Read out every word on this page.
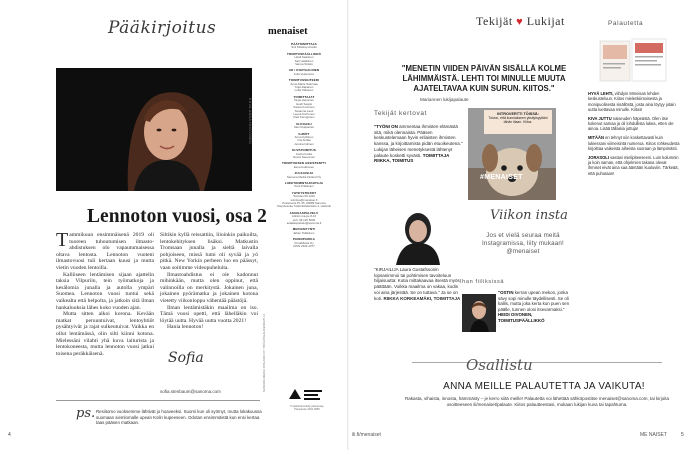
Pääkirjoitus
KUVA ANNA HUOVINEN
Lennoton vuosi, osa 2

Tammikuun ensimmäisenä 2019 oli tuoreen tuhoutumisen ilmasto-ahdistuksen olo vapautumaisessa oltava lentosta. Lennoton vuoteni ilmastovuosi tuli kertaan kuusi ja mutta vietin vuoden lentoilla.

Kalliiseen lentämisen sijaan ajattelin taksia Vilpuriin, tein työmatkoja ja kesälomia junalla ja autolla ympäri Suomea. Lennoton vuosi tuntui sekä vaikealta että helpolta, ja jatkoin sitä ilman hankaluuksia lähes koko vuoden ajan.

Mutta sitten alkoi korona. Kevään matkat peruuntuivat, lentoyhtiöt pysähtyivät ja rajat sulkeutuivat. Vaikka en ollut lentämässä, olin silti kiinni kotona. Mielessäni vilahti yhä kuva laiturista ja lentokoneesta, mutta lennoton vuosi jatkui toisena peräkkäisenä.

Siltikin kyllä reissattiin, liioinkin paikoilta, lentokehityksen lisäksi. Matkustin Tromsaan junalla ja sieltä laivalla pohjoiseen, missä lumi oli syvää ja yö pitkä. New Yorkin perheen luo en päässyt, vaan soitimme videopuheluita.

Ilmastoahdistus ei ole kadonnut mihinkään, mutta olen oppinut, että valinnoilla on merkitystä. Jokainen juna, jokainen pyörämatka ja jokainen kotona vietetty viikonloppu vähentää päästöjä.

Ilman lentämistäkin maailma on iso. Tämä vuosi opetti, että lähelläkin voi löytää uutta. Hyvää uutta vuotta 2021!

Hania lennoton!

Sofia
sofia.stenbaum@sanoma.com
ps. Resiitomo vuoksemme lähtivät jo hoaveeksi. Suomi kun oli syömyt, mutta lokakuussa suomaan siemlomalle upean Kolin kupeeseen. Odotan ensimmäistä kun ensi kertaa taas pääsen matkaan.
4
menaiset
PÄÄTOIMITTAJA
Sini Kiiskinen-Fantti
TOIMITUSPÄÄLLIKKÖ
Heidi Saarinen
Sari Heikkinen
Sanna Sinistö
AD / DIGITAALINEN
Julia Vesterinen
TOIMITUSSIHTEERI
Anne-Marie Salomaa
Tuija Rapanen
Lotta Tikkanen
TOIMITTAJAT
Tanja Helminen
Heidi Seppä
Sanna Koivunen
Susanna Lauri
Leena Korhonen
Pasi Kemppinen
ULKOASU
Sami Kaipainen
ILMIÖT
Anna Kyllönen
Iiris Anttila
Jemina Inkinen
KUVATOIMITUS
Kerttu Kotka
Noora Neuvonen
TOIMITUKSEN ASSISTENTTI
Eeva Kokkonen
JULKAISIJA
Sanoma Media Finland Oy
LIIKETOIMINTAJOHTAJA
Petri Pulkkinen
YHTEYSTIEDOT
Toimitus 09 1201
toimitus@menaiset.fi
Postiosoite PL 45, 00089 Sanoma
Käyntiosoite Töölönlahdenkatu 2, Helsinki
ASIAKASPALVELU
Arkisin ma-pe 8-16
puh. 09 120 5000
asiakaspalvelu@sanoma.fi
MEDIAMYYNTI
Erkko Pulkkinen
PAINOPAIKKA
PunaMusta Oy
ISSN 2323-4377
SANOMA MEDIA FINLAND OY, TÖÖLÖNLAHDENKATU 2
Ympäristömerkitty painotuote, Painotuote 4041 0955
Tekijät ♥ Lukijat
"MENETIN VIIDEN PÄIVÄN SISÄLLÄ KOLME LÄHIMMÄISTÄ. LEHTI TOI MINULLE MUUTA AJATELTAVAA KUIN SURUN. KIITOS."
Mariannen lukijapalaute
Tekijät kertovat
"TYÖNI ON ammentaa ihmisten elämästä sitä, mikä olennaista. Pääsen keskustelemaan hyvin erilaisten ihmisten kanssa, ja kirjoittamista pidän etuoikeutena." Lukijan läheisen menetyksestä lähtenyt palaute kosketti syvästi. TOIMITTAJA RIIKKA, TOIMITUS
INTROVERTTI TÖISSÄ:
Toivon, että kunniakseen yksityisyyttäni tähän tilaan. Kiitos.
#MENAISET
Viikon insta
Jos et vielä seuraa meitä Instagramissa, liity mukaan! @menaiset
"KIRJAILIJA Laura Gustafssonin lopsanimmoi tai pohtimisen tavoiteluun hiljaisuutta: Kotia mittakaavaa itsestä myös päättään. Voikka maailma on vakaa, kodin voi aina järjestää. Se on tuttava." Ja se on koti. RIIKKA KORKEAMÄKI, TOIMITTAJA
Ihan fiiliksissä
"OSTIN kerran upean mekon, jonka sävy sopi minulle täydellisesti. Se oli kallis, mutta joka kerta kun puen sen päälle, tunnen oloni itsevarmaksi." HEIDI OIVONEN, TOIMITUSPÄÄLLIKKÖ
Palautetta

HYVÄ LEHTI, viihdyin Mmeisan lehden keskusteluun. Kiitos mielenkiintoisesta ja monipuolisesta sisällöstä, josta aina löytyy jotain uutta luettavaa minulle. Kiitos!

KIVA JUTTU naiseuden häpeästä. Olen itse kokenut samaa ja oli lohdullista lukea, etten ole ainoa. Lisää tällaisia juttuja!

MITÄÄN en tehnyt niin koskettavasti kuin lukiessani viimeisintä numeroa. Kiitos rohkeudesta kirjoittaa vaikeista aiheista suoraan ja lämpimästi.

JORASOLI vastasi mielipiteeseeni. Luin kolumnin ja koin saman, että ohjelmien takana olevat ihmiset eivät aina saa ääntään kuuluviin. Tärkeää, että puhutaan!

Osallistu
ANNA MEILLE PALAUTETTA JA VAIKUTA!
Rakasta, vihaista, innosta, hämmästy – je kerro siitä meille! Palautetta voi lähettää sähköpostitse menaiset@sanoma.com, tai kirjoita osoitteeseen ili/menaiset/palaute. Kiitos palautteestasi, mukaan lukijan kuva tai tapahtuma.
ili.fi/menaiset	ME NAISET	5
